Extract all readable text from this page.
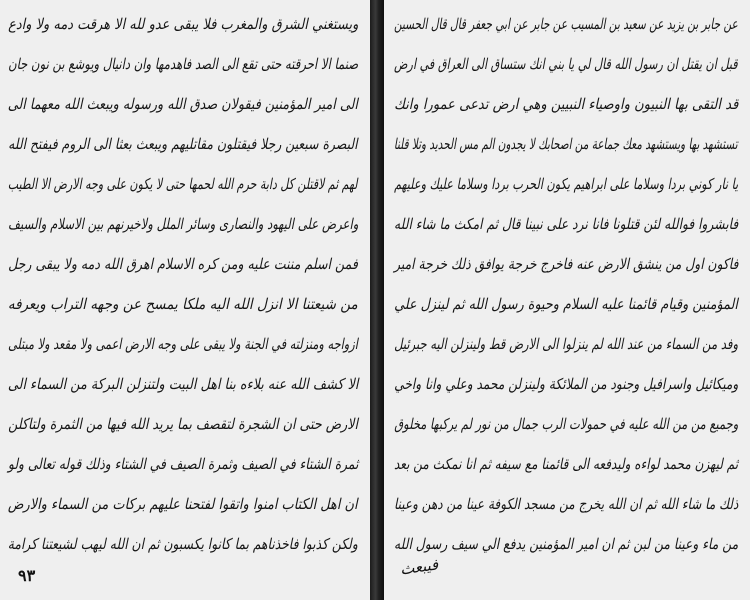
ويستغني الشرق والمغرب فلا يبقى عدو لله الا هرقت دمه ولا وادع
صنما الا احرقته حتى تقع الى الصد فاهدمها وان دانيال ويوشع بن نون جان
الى امير المؤمنين فيقولان صدق الله ورسوله ويبعث الله معهما الى
البصرة سبعين رجلا فيقتلون مقاتليهم ويبعث بعثا الى الروم فيفتح الله
لهم ثم لاقتلن كل دابة حرم الله لحمها حتى لا يكون على وجه الارض الا الطيب
واعرض على اليهود والنصارى وسائر الملل ولاخيرنهم بين الاسلام والسيف
فمن اسلم مننت عليه ومن كره الاسلام اهرق الله دمه ولا يبقى رجل
من شيعتنا الا انزل الله اليه ملكا يمسح عن وجهه التراب ويعرفه
ازواجه ومنزلته في الجنة ولا يبقى على وجه الارض اعمى ولا مقعد ولا مبتلى
الا كشف الله عنه بلاءه بنا اهل البيت ولتنزلن البركة من السماء الى
الارض حتى ان الشجرة لتقصف بما يريد الله فيها من الثمرة ولتاكلن
ثمرة الشتاء في الصيف وثمرة الصيف في الشتاء وذلك قوله تعالى ولو
ان اهل الكتاب امنوا واتقوا لفتحنا عليهم بركات من السماء والارض
ولكن كذبوا فاخذناهم بما كانوا يكسبون ثم ان الله ليهب لشيعتنا كرامة
٩٣
عن جابر بن يزيد عن سعيد بن المسيب عن جابر عن ابي جعفر قال قال الحسين
قبل ان يقتل ان رسول الله قال لي يا بني انك ستساق الى العراق في ارض
قد التقى بها النبيون واوصياء النبيين وهي ارض تدعى عمورا وانك
تستشهد بها ويستشهد معك جماعة من اصحابك لا يجدون الم مس الحديد وتلا قلنا
يا نار كوني بردا وسلاما على ابراهيم يكون الحرب بردا وسلاما عليك وعليهم
فابشروا فوالله لئن قتلونا فانا نرد على نبينا قال ثم امكث ما شاء الله
فاكون اول من ينشق الارض عنه فاخرج خرجة يوافق ذلك خرجة امير
المؤمنين وقيام قائمنا عليه السلام وحيوة رسول الله ثم لينزل علي
وفد من السماء من عند الله لم ينزلوا الى الارض قط ولينزلن اليه جبرئيل
وميكائيل واسرافيل وجنود من الملائكة ولينزلن محمد وعلي وانا واخي
وجميع من من الله عليه في حمولات الرب جمال من نور لم يركبها مخلوق
ثم ليهزن محمد لواءه وليدفعه الى قائمنا مع سيفه ثم انا نمكث من بعد
ذلك ما شاء الله ثم ان الله يخرج من مسجد الكوفة عينا من دهن وعينا
من ماء وعينا من لبن ثم ان امير المؤمنين يدفع الي سيف رسول الله
فيبعث
